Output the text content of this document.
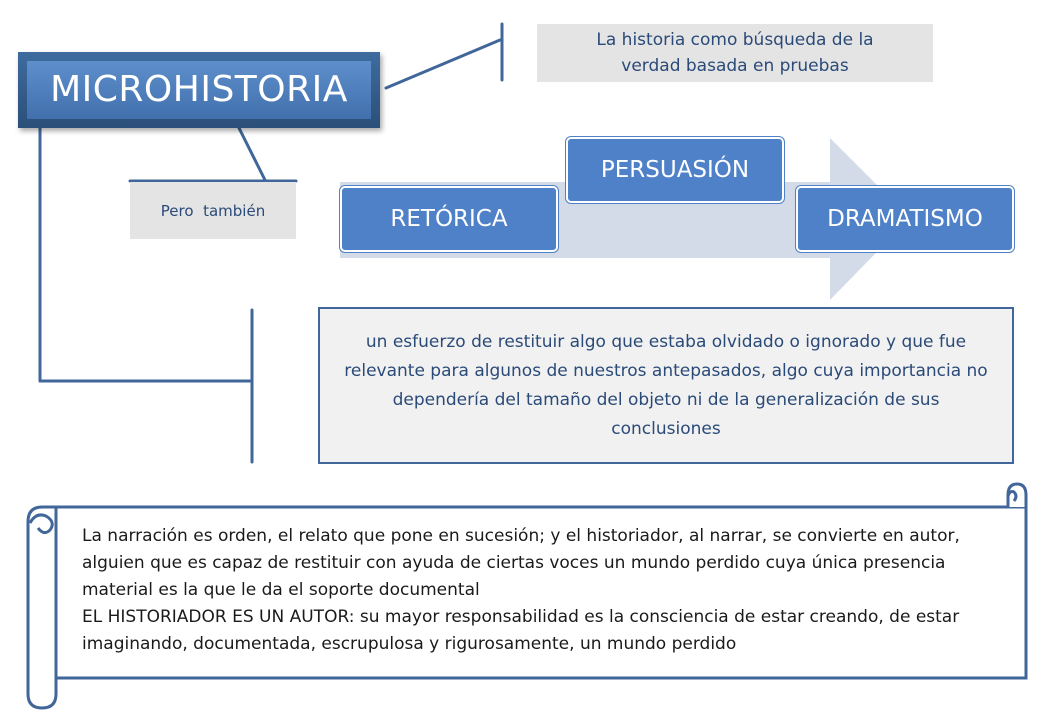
MICROHISTORIA
La historia como búsqueda de la verdad basada en pruebas
Pero  también	RETÓRICA
PERSUASIÓN
DRAMATISMO
un esfuerzo de restituir algo que estaba olvidado o ignorado y que fue relevante para algunos de nuestros antepasados, algo cuya importancia no dependería del tamaño del objeto ni de la generalización de sus conclusiones
La narración es orden, el relato que pone en sucesión; y el historiador, al narrar, se convierte en autor, alguien que es capaz de restituir con ayuda de ciertas voces un mundo perdido cuya única presencia material es la que le da el soporte documental
EL HISTORIADOR ES UN AUTOR: su mayor responsabilidad es la consciencia de estar creando, de estar imaginando, documentada, escrupulosa y rigurosamente, un mundo perdido
